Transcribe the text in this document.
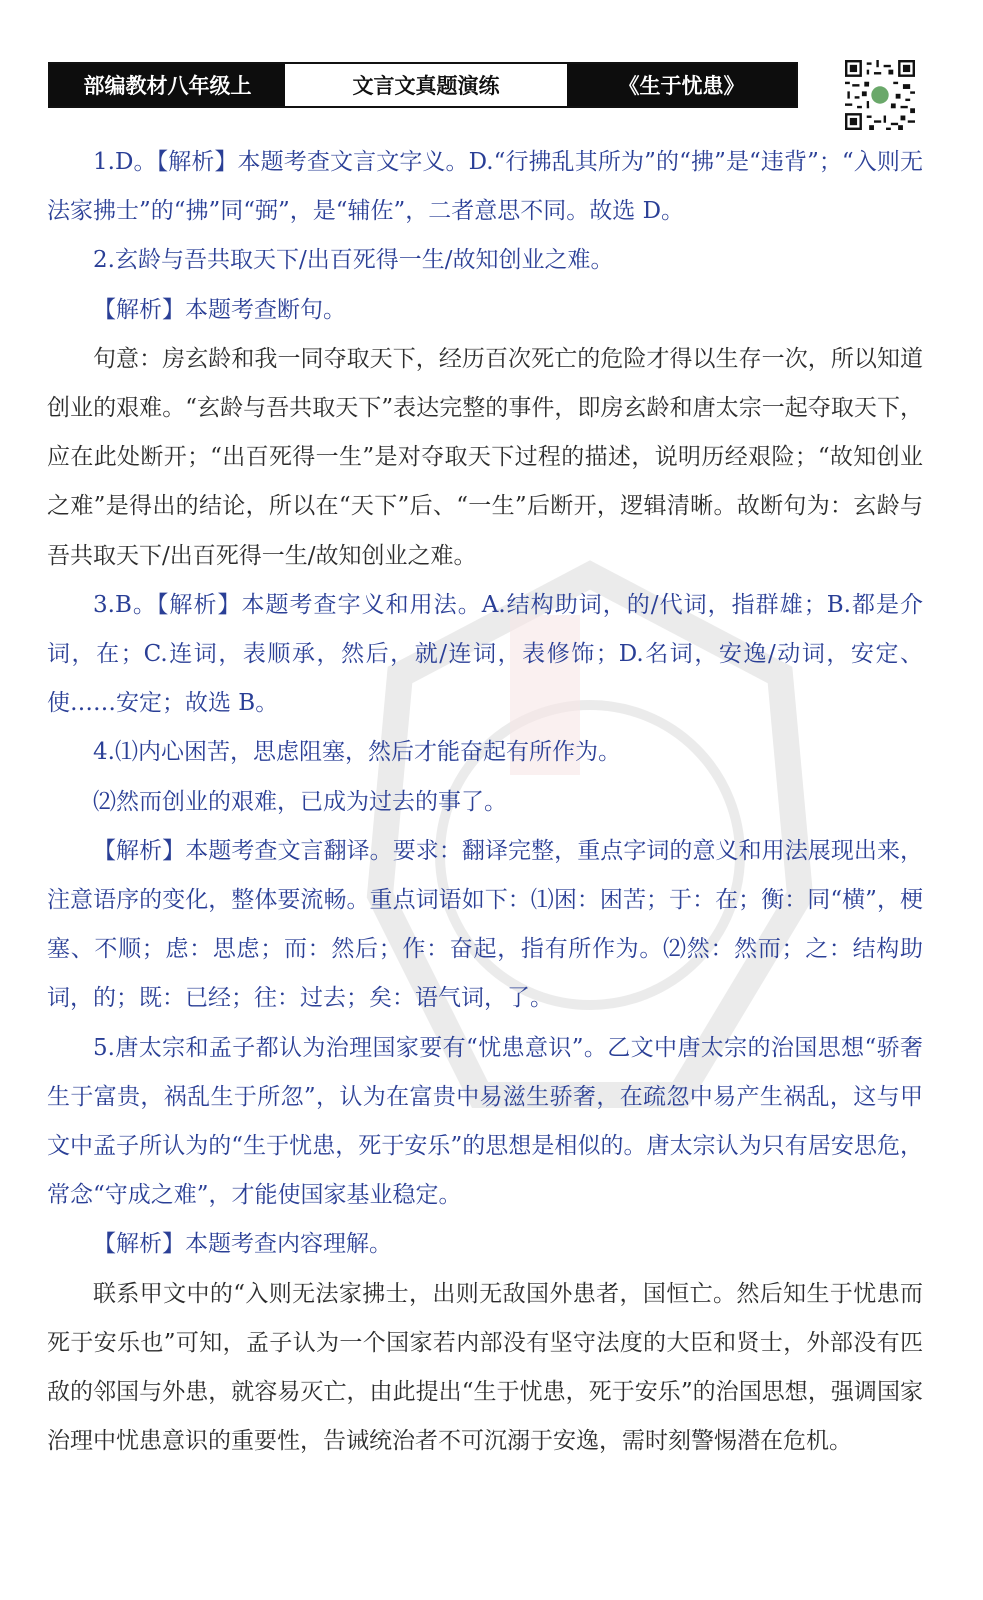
部编教材八年级上	文言文真题演练	《生于忧患》

1.D。【解析】本题考查文言文字义。D.“行拂乱其所为”的“拂”是“违背”；“入则无法家拂士”的“拂”同“弼”，是“辅佐”，二者意思不同。故选 D。

2.玄龄与吾共取天下/出百死得一生/故知创业之难。

【解析】本题考查断句。

句意：房玄龄和我一同夺取天下，经历百次死亡的危险才得以生存一次，所以知道创业的艰难。“玄龄与吾共取天下”表达完整的事件，即房玄龄和唐太宗一起夺取天下，应在此处断开；“出百死得一生”是对夺取天下过程的描述，说明历经艰险；“故知创业之难”是得出的结论，所以在“天下”后、“一生”后断开，逻辑清晰。故断句为：玄龄与吾共取天下/出百死得一生/故知创业之难。

3.B。【解析】本题考查字义和用法。A.结构助词，的/代词，指群雄；B.都是介词，在；C.连词，表顺承，然后，就/连词，表修饰；D.名词，安逸/动词，安定、使……安定；故选 B。

4.⑴内心困苦，思虑阻塞，然后才能奋起有所作为。

⑵然而创业的艰难，已成为过去的事了。

【解析】本题考查文言翻译。要求：翻译完整，重点字词的意义和用法展现出来，注意语序的变化，整体要流畅。重点词语如下：⑴困：困苦；于：在；衡：同“横”，梗塞、不顺；虑：思虑；而：然后；作：奋起，指有所作为。⑵然：然而；之：结构助词，的；既：已经；往：过去；矣：语气词，了。

5.唐太宗和孟子都认为治理国家要有“忧患意识”。乙文中唐太宗的治国思想“骄奢生于富贵，祸乱生于所忽”，认为在富贵中易滋生骄奢，在疏忽中易产生祸乱，这与甲文中孟子所认为的“生于忧患，死于安乐”的思想是相似的。唐太宗认为只有居安思危，常念“守成之难”，才能使国家基业稳定。

【解析】本题考查内容理解。

联系甲文中的“入则无法家拂士，出则无敌国外患者，国恒亡。然后知生于忧患而死于安乐也”可知，孟子认为一个国家若内部没有坚守法度的大臣和贤士，外部没有匹敌的邻国与外患，就容易灭亡，由此提出“生于忧患，死于安乐”的治国思想，强调国家治理中忧患意识的重要性，告诫统治者不可沉溺于安逸，需时刻警惕潜在危机。
